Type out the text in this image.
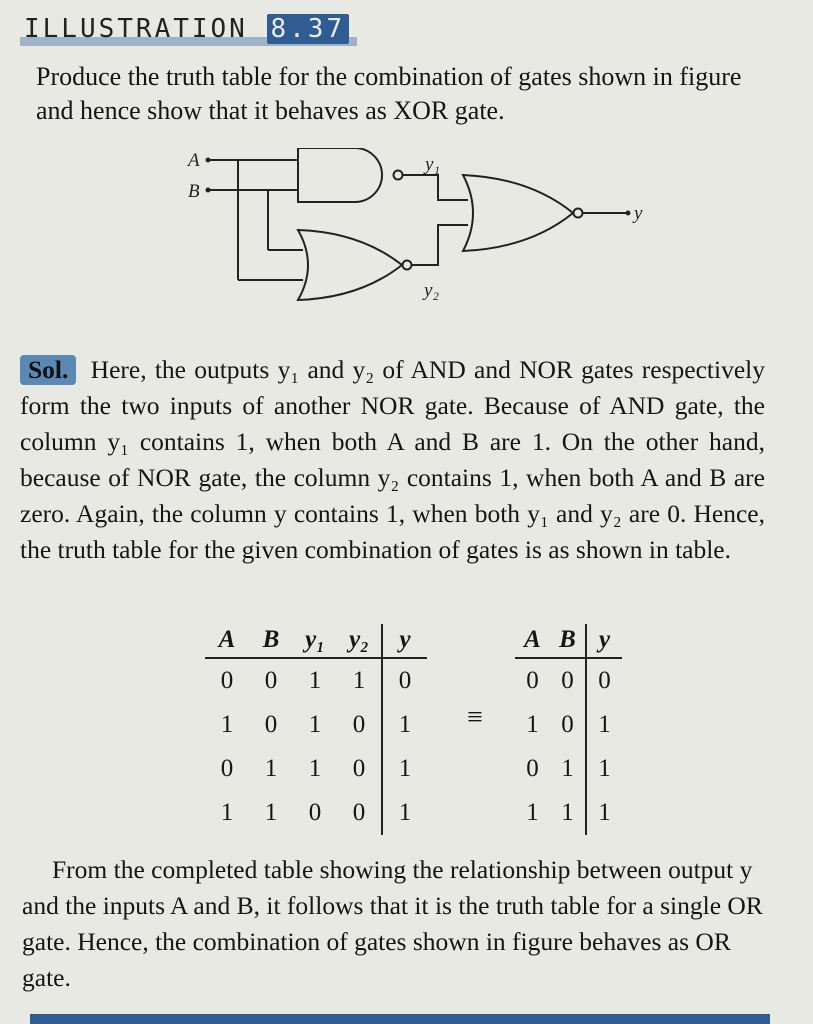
ILLUSTRATION 8.37

Produce the truth table for the combination of gates shown in figure and hence show that it behaves as XOR gate.

A
B
y₁
y₂
y

Sol. Here, the outputs y₁ and y₂ of AND and NOR gates respectively form the two inputs of another NOR gate. Because of AND gate, the column y₁ contains 1, when both A and B are 1. On the other hand, because of NOR gate, the column y₂ contains 1, when both A and B are zero. Again, the column y contains 1, when both y₁ and y₂ are 0. Hence, the truth table for the given combination of gates is as shown in table.

A	B	y₁	y₂	y
0	0	1	1	0
1	0	1	0	1
0	1	1	0	1
1	1	0	0	1
≡
A	B	y
0	0	0
1	0	1
0	1	1
1	1	1

From the completed table showing the relationship between output y and the inputs A and B, it follows that it is the truth table for a single OR gate. Hence, the combination of gates shown in figure behaves as OR gate.
